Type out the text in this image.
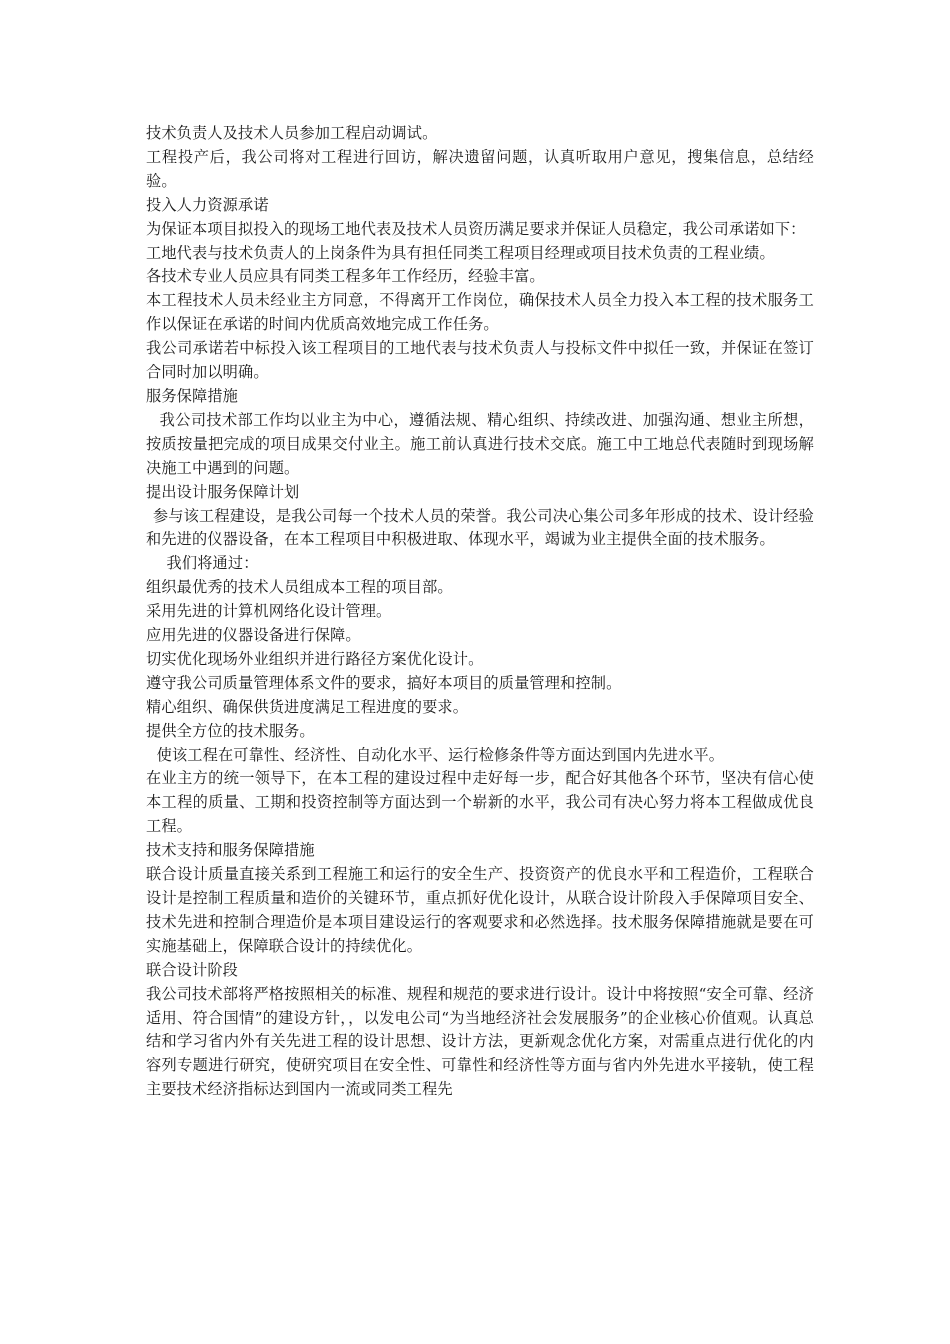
技术负责人及技术人员参加工程启动调试。

工程投产后，我公司将对工程进行回访，解决遗留问题，认真听取用户意见，搜集信息，总结经验。

投入人力资源承诺

为保证本项目拟投入的现场工地代表及技术人员资历满足要求并保证人员稳定，我公司承诺如下：

工地代表与技术负责人的上岗条件为具有担任同类工程项目经理或项目技术负责的工程业绩。

各技术专业人员应具有同类工程多年工作经历，经验丰富。

本工程技术人员未经业主方同意，不得离开工作岗位，确保技术人员全力投入本工程的技术服务工作以保证在承诺的时间内优质高效地完成工作任务。

我公司承诺若中标投入该工程项目的工地代表与技术负责人与投标文件中拟任一致，并保证在签订合同时加以明确。

服务保障措施

我公司技术部工作均以业主为中心，遵循法规、精心组织、持续改进、加强沟通、想业主所想，按质按量把完成的项目成果交付业主。施工前认真进行技术交底。施工中工地总代表随时到现场解决施工中遇到的问题。

提出设计服务保障计划

参与该工程建设，是我公司每一个技术人员的荣誉。我公司决心集公司多年形成的技术、设计经验和先进的仪器设备，在本工程项目中积极进取、体现水平，竭诚为业主提供全面的技术服务。

我们将通过：

组织最优秀的技术人员组成本工程的项目部。

采用先进的计算机网络化设计管理。

应用先进的仪器设备进行保障。

切实优化现场外业组织并进行路径方案优化设计。

遵守我公司质量管理体系文件的要求，搞好本项目的质量管理和控制。

精心组织、确保供货进度满足工程进度的要求。

提供全方位的技术服务。

使该工程在可靠性、经济性、自动化水平、运行检修条件等方面达到国内先进水平。

在业主方的统一领导下，在本工程的建设过程中走好每一步，配合好其他各个环节，坚决有信心使本工程的质量、工期和投资控制等方面达到一个崭新的水平，我公司有决心努力将本工程做成优良工程。

技术支持和服务保障措施

联合设计质量直接关系到工程施工和运行的安全生产、投资资产的优良水平和工程造价，工程联合设计是控制工程质量和造价的关键环节，重点抓好优化设计，从联合设计阶段入手保障项目安全、技术先进和控制合理造价是本项目建设运行的客观要求和必然选择。技术服务保障措施就是要在可实施基础上，保障联合设计的持续优化。

联合设计阶段

我公司技术部将严格按照相关的标准、规程和规范的要求进行设计。设计中将按照“安全可靠、经济适用、符合国情”的建设方针，，以发电公司“为当地经济社会发展服务”的企业核心价值观。认真总结和学习省内外有关先进工程的设计思想、设计方法，更新观念优化方案，对需重点进行优化的内容列专题进行研究，使研究项目在安全性、可靠性和经济性等方面与省内外先进水平接轨，使工程主要技术经济指标达到国内一流或同类工程先
